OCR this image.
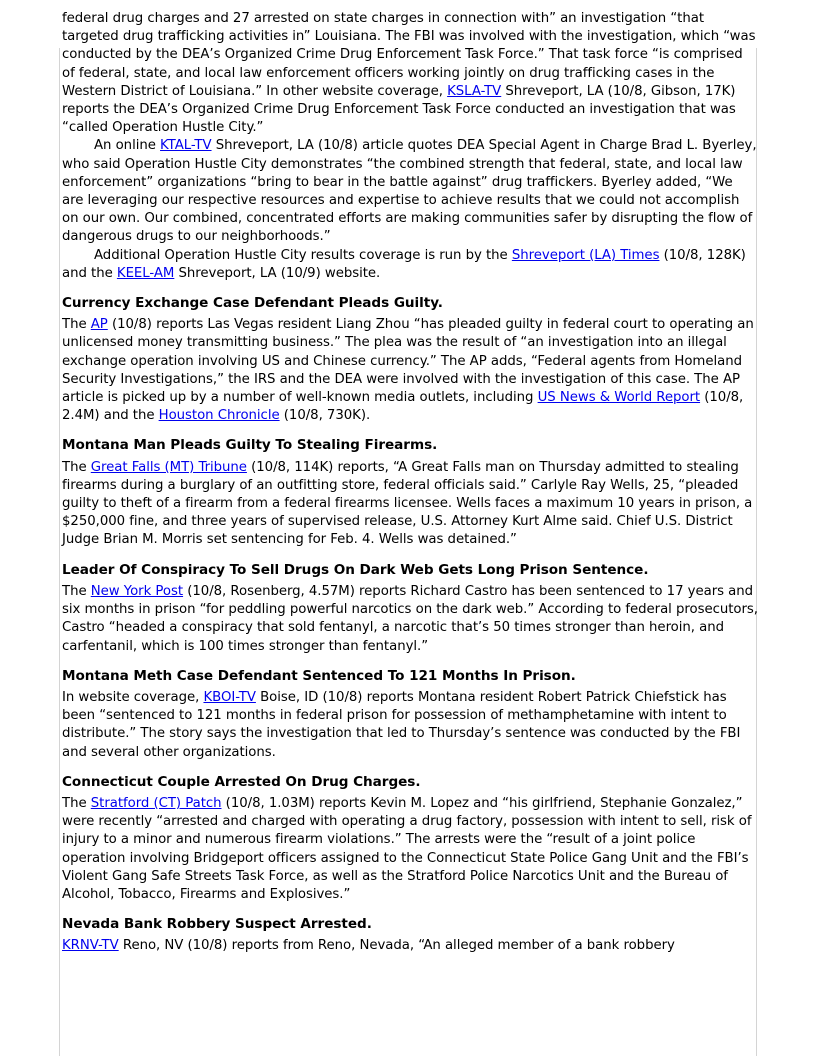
federal drug charges and 27 arrested on state charges in connection with” an investigation “that targeted drug trafficking activities in” Louisiana. The FBI was involved with the investigation, which “was conducted by the DEA’s Organized Crime Drug Enforcement Task Force.” That task force “is comprised of federal, state, and local law enforcement officers working jointly on drug trafficking cases in the Western District of Louisiana.” In other website coverage, KSLA-TV Shreveport, LA (10/8, Gibson, 17K) reports the DEA’s Organized Crime Drug Enforcement Task Force conducted an investigation that was “called Operation Hustle City.”

An online KTAL-TV Shreveport, LA (10/8) article quotes DEA Special Agent in Charge Brad L. Byerley, who said Operation Hustle City demonstrates “the combined strength that federal, state, and local law enforcement” organizations “bring to bear in the battle against” drug traffickers. Byerley added, “We are leveraging our respective resources and expertise to achieve results that we could not accomplish on our own. Our combined, concentrated efforts are making communities safer by disrupting the flow of dangerous drugs to our neighborhoods.”

Additional Operation Hustle City results coverage is run by the Shreveport (LA) Times (10/8, 128K) and the KEEL-AM Shreveport, LA (10/9) website.

Currency Exchange Case Defendant Pleads Guilty.

The AP (10/8) reports Las Vegas resident Liang Zhou “has pleaded guilty in federal court to operating an unlicensed money transmitting business.” The plea was the result of “an investigation into an illegal exchange operation involving US and Chinese currency.” The AP adds, “Federal agents from Homeland Security Investigations,” the IRS and the DEA were involved with the investigation of this case. The AP article is picked up by a number of well-known media outlets, including US News & World Report (10/8, 2.4M) and the Houston Chronicle (10/8, 730K).

Montana Man Pleads Guilty To Stealing Firearms.

The Great Falls (MT) Tribune (10/8, 114K) reports, “A Great Falls man on Thursday admitted to stealing firearms during a burglary of an outfitting store, federal officials said.” Carlyle Ray Wells, 25, “pleaded guilty to theft of a firearm from a federal firearms licensee. Wells faces a maximum 10 years in prison, a $250,000 fine, and three years of supervised release, U.S. Attorney Kurt Alme said. Chief U.S. District Judge Brian M. Morris set sentencing for Feb. 4. Wells was detained.”

Leader Of Conspiracy To Sell Drugs On Dark Web Gets Long Prison Sentence.

The New York Post (10/8, Rosenberg, 4.57M) reports Richard Castro has been sentenced to 17 years and six months in prison “for peddling powerful narcotics on the dark web.” According to federal prosecutors, Castro “headed a conspiracy that sold fentanyl, a narcotic that’s 50 times stronger than heroin, and carfentanil, which is 100 times stronger than fentanyl.”

Montana Meth Case Defendant Sentenced To 121 Months In Prison.

In website coverage, KBOI-TV Boise, ID (10/8) reports Montana resident Robert Patrick Chiefstick has been “sentenced to 121 months in federal prison for possession of methamphetamine with intent to distribute.” The story says the investigation that led to Thursday’s sentence was conducted by the FBI and several other organizations.

Connecticut Couple Arrested On Drug Charges.

The Stratford (CT) Patch (10/8, 1.03M) reports Kevin M. Lopez and “his girlfriend, Stephanie Gonzalez,” were recently “arrested and charged with operating a drug factory, possession with intent to sell, risk of injury to a minor and numerous firearm violations.” The arrests were the “result of a joint police operation involving Bridgeport officers assigned to the Connecticut State Police Gang Unit and the FBI’s Violent Gang Safe Streets Task Force, as well as the Stratford Police Narcotics Unit and the Bureau of Alcohol, Tobacco, Firearms and Explosives.”

Nevada Bank Robbery Suspect Arrested.

KRNV-TV Reno, NV (10/8) reports from Reno, Nevada, “An alleged member of a bank robbery
